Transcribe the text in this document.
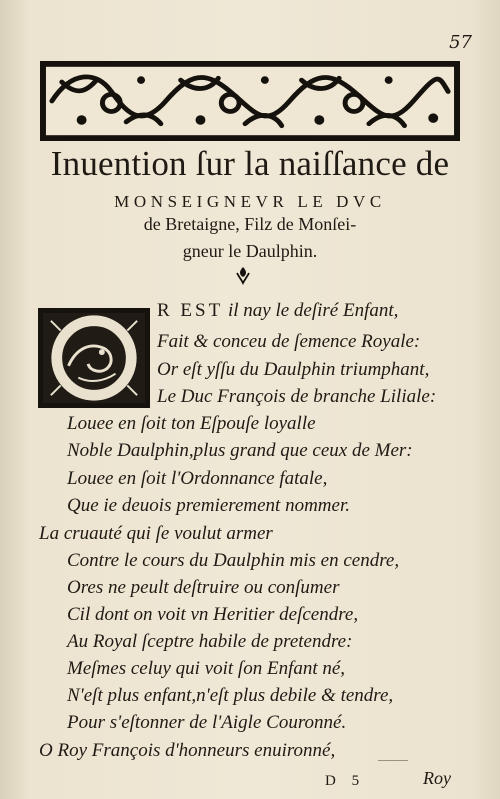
57
Inuention ſur la naiſſance de
MONSEIGNEVR LE DVC
de Bretaigne, Filz de Monſei-
gneur le Daulphin.
R EST il nay le deſiré Enfant,
Fait & conceu de ſemence Royale:
Or eſt yſſu du Daulphin triumphant,
Le Duc François de branche Liliale:
Louee en ſoit ton Eſpouſe loyalle
Noble Daulphin,plus grand que ceux de Mer:
Louee en ſoit l'Ordonnance fatale,
Que ie deuois premierement nommer.
La cruauté qui ſe voulut armer
Contre le cours du Daulphin mis en cendre,
Ores ne peult deſtruire ou conſumer
Cil dont on voit vn Heritier deſcendre,
Au Royal ſceptre habile de pretendre:
Meſmes celuy qui voit ſon Enfant né,
N'eſt plus enfant,n'eſt plus debile & tendre,
Pour s'eſtonner de l'Aigle Couronné.
O Roy François d'honneurs enuironné,
D 5	Roy
